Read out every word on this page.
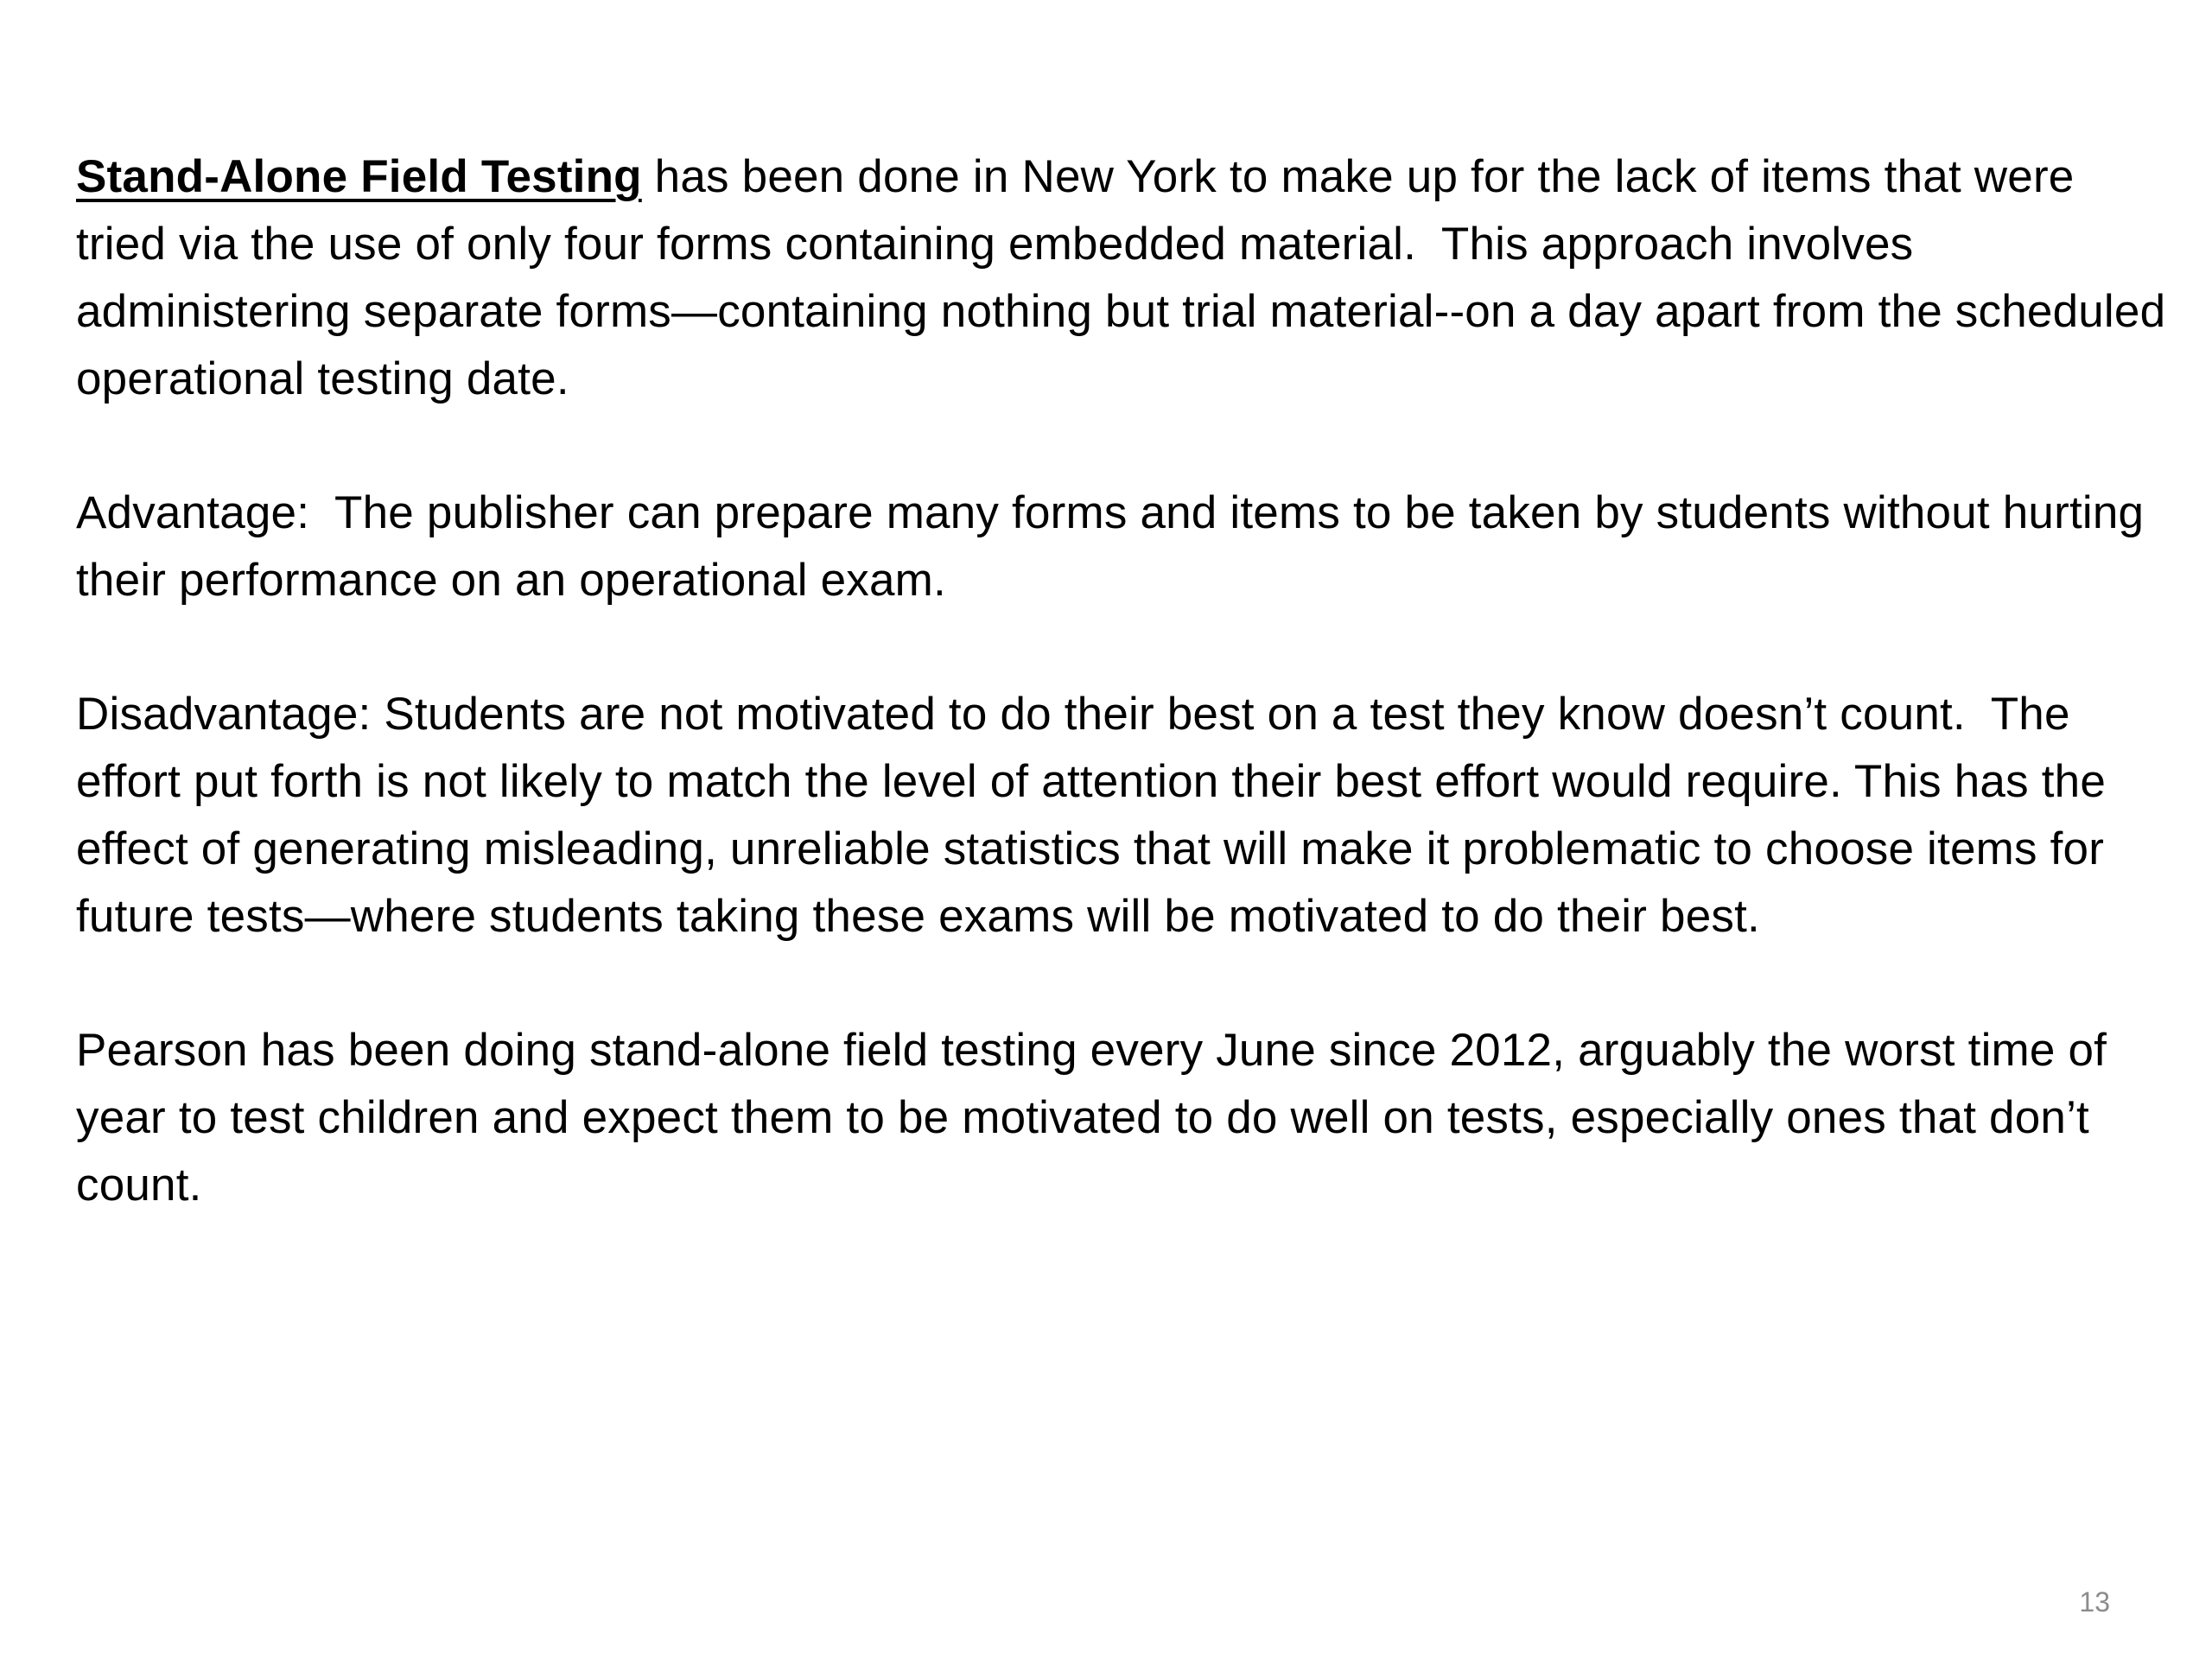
Stand-Alone Field Testing has been done in New York to make up for the lack of items that were tried via the use of only four forms containing embedded material.  This approach involves administering separate forms—containing nothing but trial material--on a day apart from the scheduled operational testing date.

Advantage:  The publisher can prepare many forms and items to be taken by students without hurting their performance on an operational exam.

Disadvantage: Students are not motivated to do their best on a test they know doesn’t count.  The effort put forth is not likely to match the level of attention their best effort would require. This has the effect of generating misleading, unreliable statistics that will make it problematic to choose items for future tests—where students taking these exams will be motivated to do their best.

Pearson has been doing stand-alone field testing every June since 2012, arguably the worst time of year to test children and expect them to be motivated to do well on tests, especially ones that don’t count.

13
